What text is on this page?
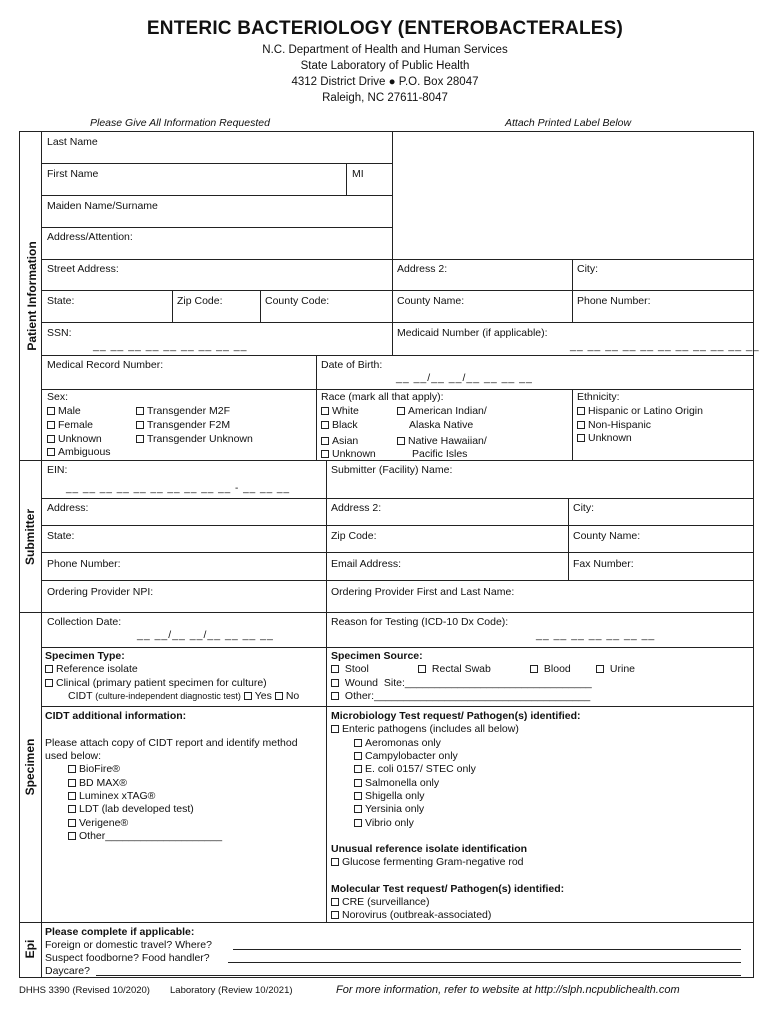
ENTERIC BACTERIOLOGY (ENTEROBACTERALES)
N.C. Department of Health and Human Services
State Laboratory of Public Health
4312 District Drive ● P.O. Box 28047
Raleigh, NC 27611-8047
Please Give All Information Requested	Attach Printed Label Below
Patient Information
Submitter
Specimen
Epi
Last Name
First Name	MI
Maiden Name/Surname
Address/Attention:
Street Address:	Address 2:	City:
State:	Zip Code:	County Code:	County Name:	Phone Number:
SSN:
__ __ __ __ __ __ __ __ __
Medicaid Number (if applicable):
__ __ __ __ __ __ __ __ __ __ __
Medical Record Number:	Date of Birth:
__ __/__ __/__ __ __ __
Sex:
Male
Female
Unknown
Ambiguous
Transgender M2F
Transgender F2M
Transgender Unknown
Race (mark all that apply):
White
Black
Asian
Unknown
American Indian/
Alaska Native
Native Hawaiian/
Pacific Isles
Ethnicity:
Hispanic or Latino Origin
Non-Hispanic
Unknown
EIN:
__ __ __ __ __ __ __ __ __ __ - __ __ __
Submitter (Facility) Name:
Address:	Address 2:	City:
State:	Zip Code:	County Name:
Phone Number:	Email Address:	Fax Number:
Ordering Provider NPI:	Ordering Provider First and Last Name:
Collection Date:
__ __/__ __/__ __ __ __
Reason for Testing (ICD-10 Dx Code):
__ __ __ __ __ __ __
Specimen Type:
Reference isolate
Clinical (primary patient specimen for culture)
CIDT (culture-independent diagnostic test) Yes No
Specimen Source:
Stool	Rectal Swab	Blood	Urine
Wound Site:________________________________
Other:_____________________________________
CIDT additional information:
Please attach copy of CIDT report and identify method
used below:
BioFire®
BD MAX®
Luminex xTAG®
LDT (lab developed test)
Verigene®
Other____________________
Microbiology Test request/ Pathogen(s) identified:
Enteric pathogens (includes all below)
Aeromonas only
Campylobacter only
E. coli 0157/ STEC only
Salmonella only
Shigella only
Yersinia only
Vibrio only
Unusual reference isolate identification
Glucose fermenting Gram-negative rod
Molecular Test request/ Pathogen(s) identified:
CRE (surveillance)
Norovirus (outbreak-associated)
Please complete if applicable:
Foreign or domestic travel? Where?
Suspect foodborne? Food handler?
Daycare?
DHHS 3390 (Revised 10/2020) Laboratory (Review 10/2021)	For more information, refer to website at http://slph.ncpublichealth.com
